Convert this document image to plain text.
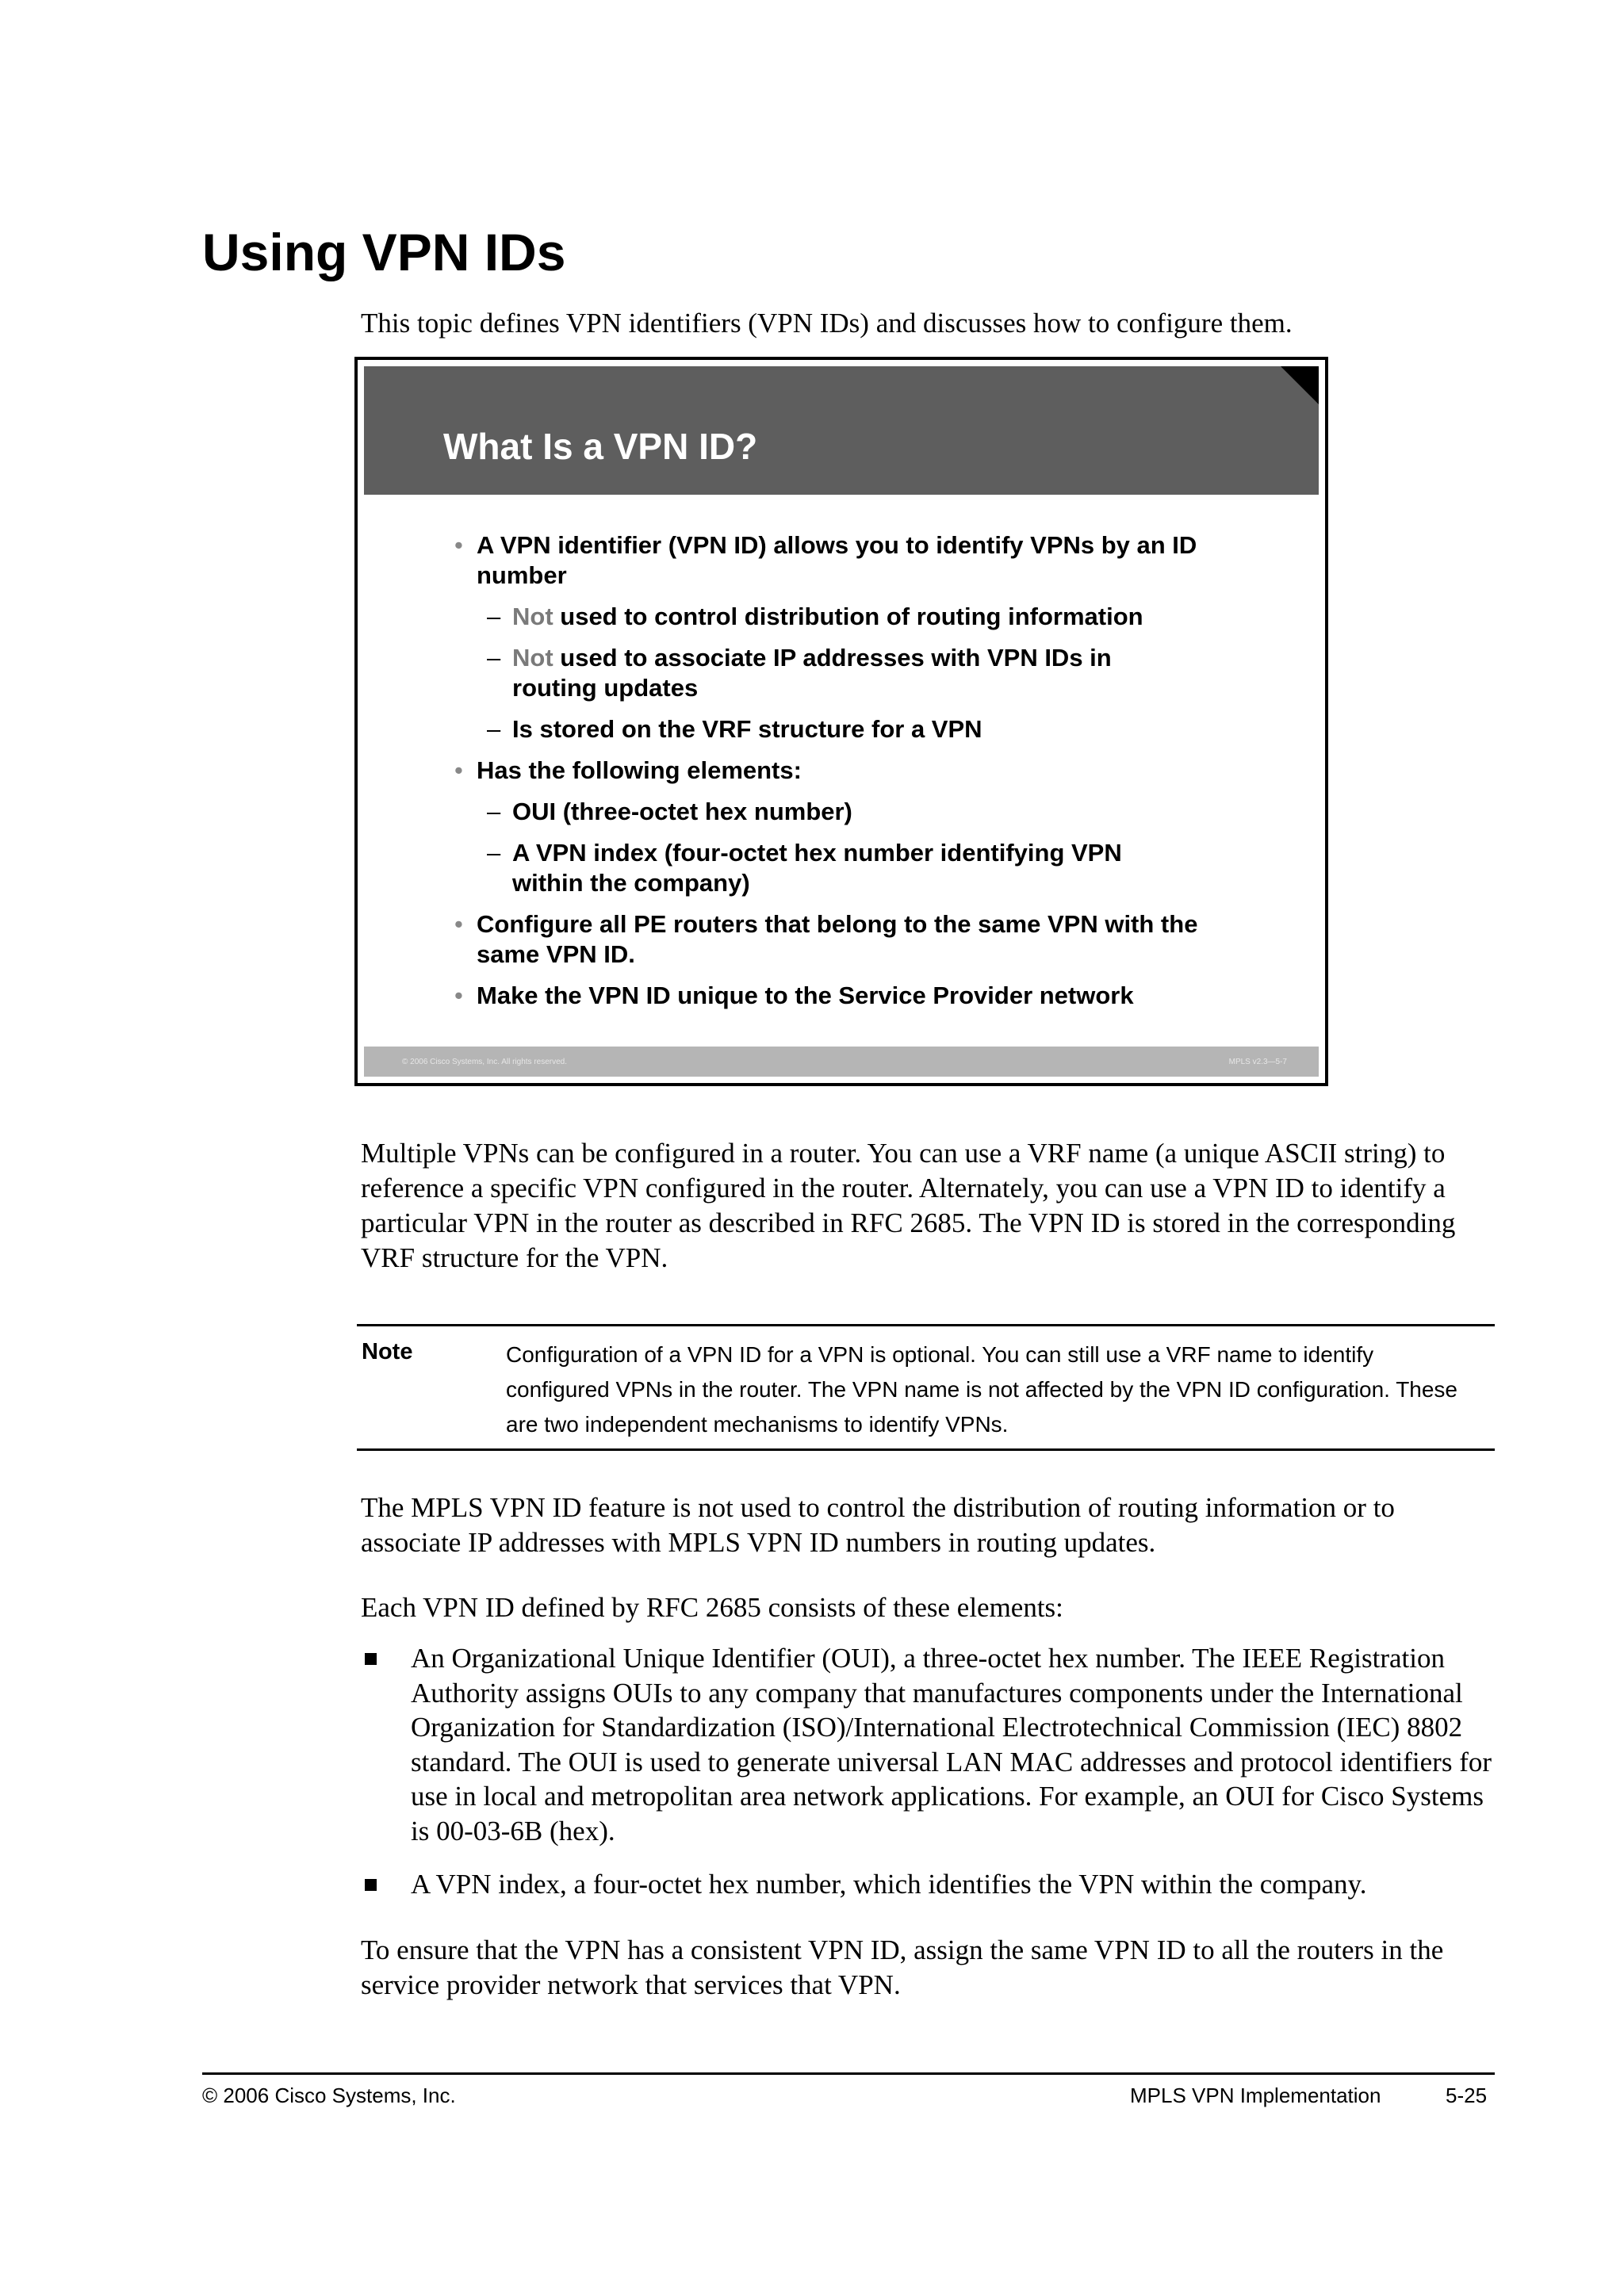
Using VPN IDs

This topic defines VPN identifiers (VPN IDs) and discusses how to configure them.

What Is a VPN ID?
• A VPN identifier (VPN ID) allows you to identify VPNs by an ID number
– Not used to control distribution of routing information
– Not used to associate IP addresses with VPN IDs in routing updates
– Is stored on the VRF structure for a VPN
• Has the following elements:
– OUI (three-octet hex number)
– A VPN index (four-octet hex number identifying VPN within the company)
• Configure all PE routers that belong to the same VPN with the same VPN ID.
• Make the VPN ID unique to the Service Provider network
© 2006 Cisco Systems, Inc. All rights reserved.	MPLS v2.3—5-7

Multiple VPNs can be configured in a router. You can use a VRF name (a unique ASCII string) to reference a specific VPN configured in the router. Alternately, you can use a VPN ID to identify a particular VPN in the router as described in RFC 2685. The VPN ID is stored in the corresponding VRF structure for the VPN.

Note	Configuration of a VPN ID for a VPN is optional. You can still use a VRF name to identify configured VPNs in the router. The VPN name is not affected by the VPN ID configuration. These are two independent mechanisms to identify VPNs.

The MPLS VPN ID feature is not used to control the distribution of routing information or to associate IP addresses with MPLS VPN ID numbers in routing updates.

Each VPN ID defined by RFC 2685 consists of these elements:

An Organizational Unique Identifier (OUI), a three-octet hex number. The IEEE Registration Authority assigns OUIs to any company that manufactures components under the International Organization for Standardization (ISO)/International Electrotechnical Commission (IEC) 8802 standard. The OUI is used to generate universal LAN MAC addresses and protocol identifiers for use in local and metropolitan area network applications. For example, an OUI for Cisco Systems is 00-03-6B (hex).
A VPN index, a four-octet hex number, which identifies the VPN within the company.

To ensure that the VPN has a consistent VPN ID, assign the same VPN ID to all the routers in the service provider network that services that VPN.

© 2006 Cisco Systems, Inc.	MPLS VPN Implementation	5-25
